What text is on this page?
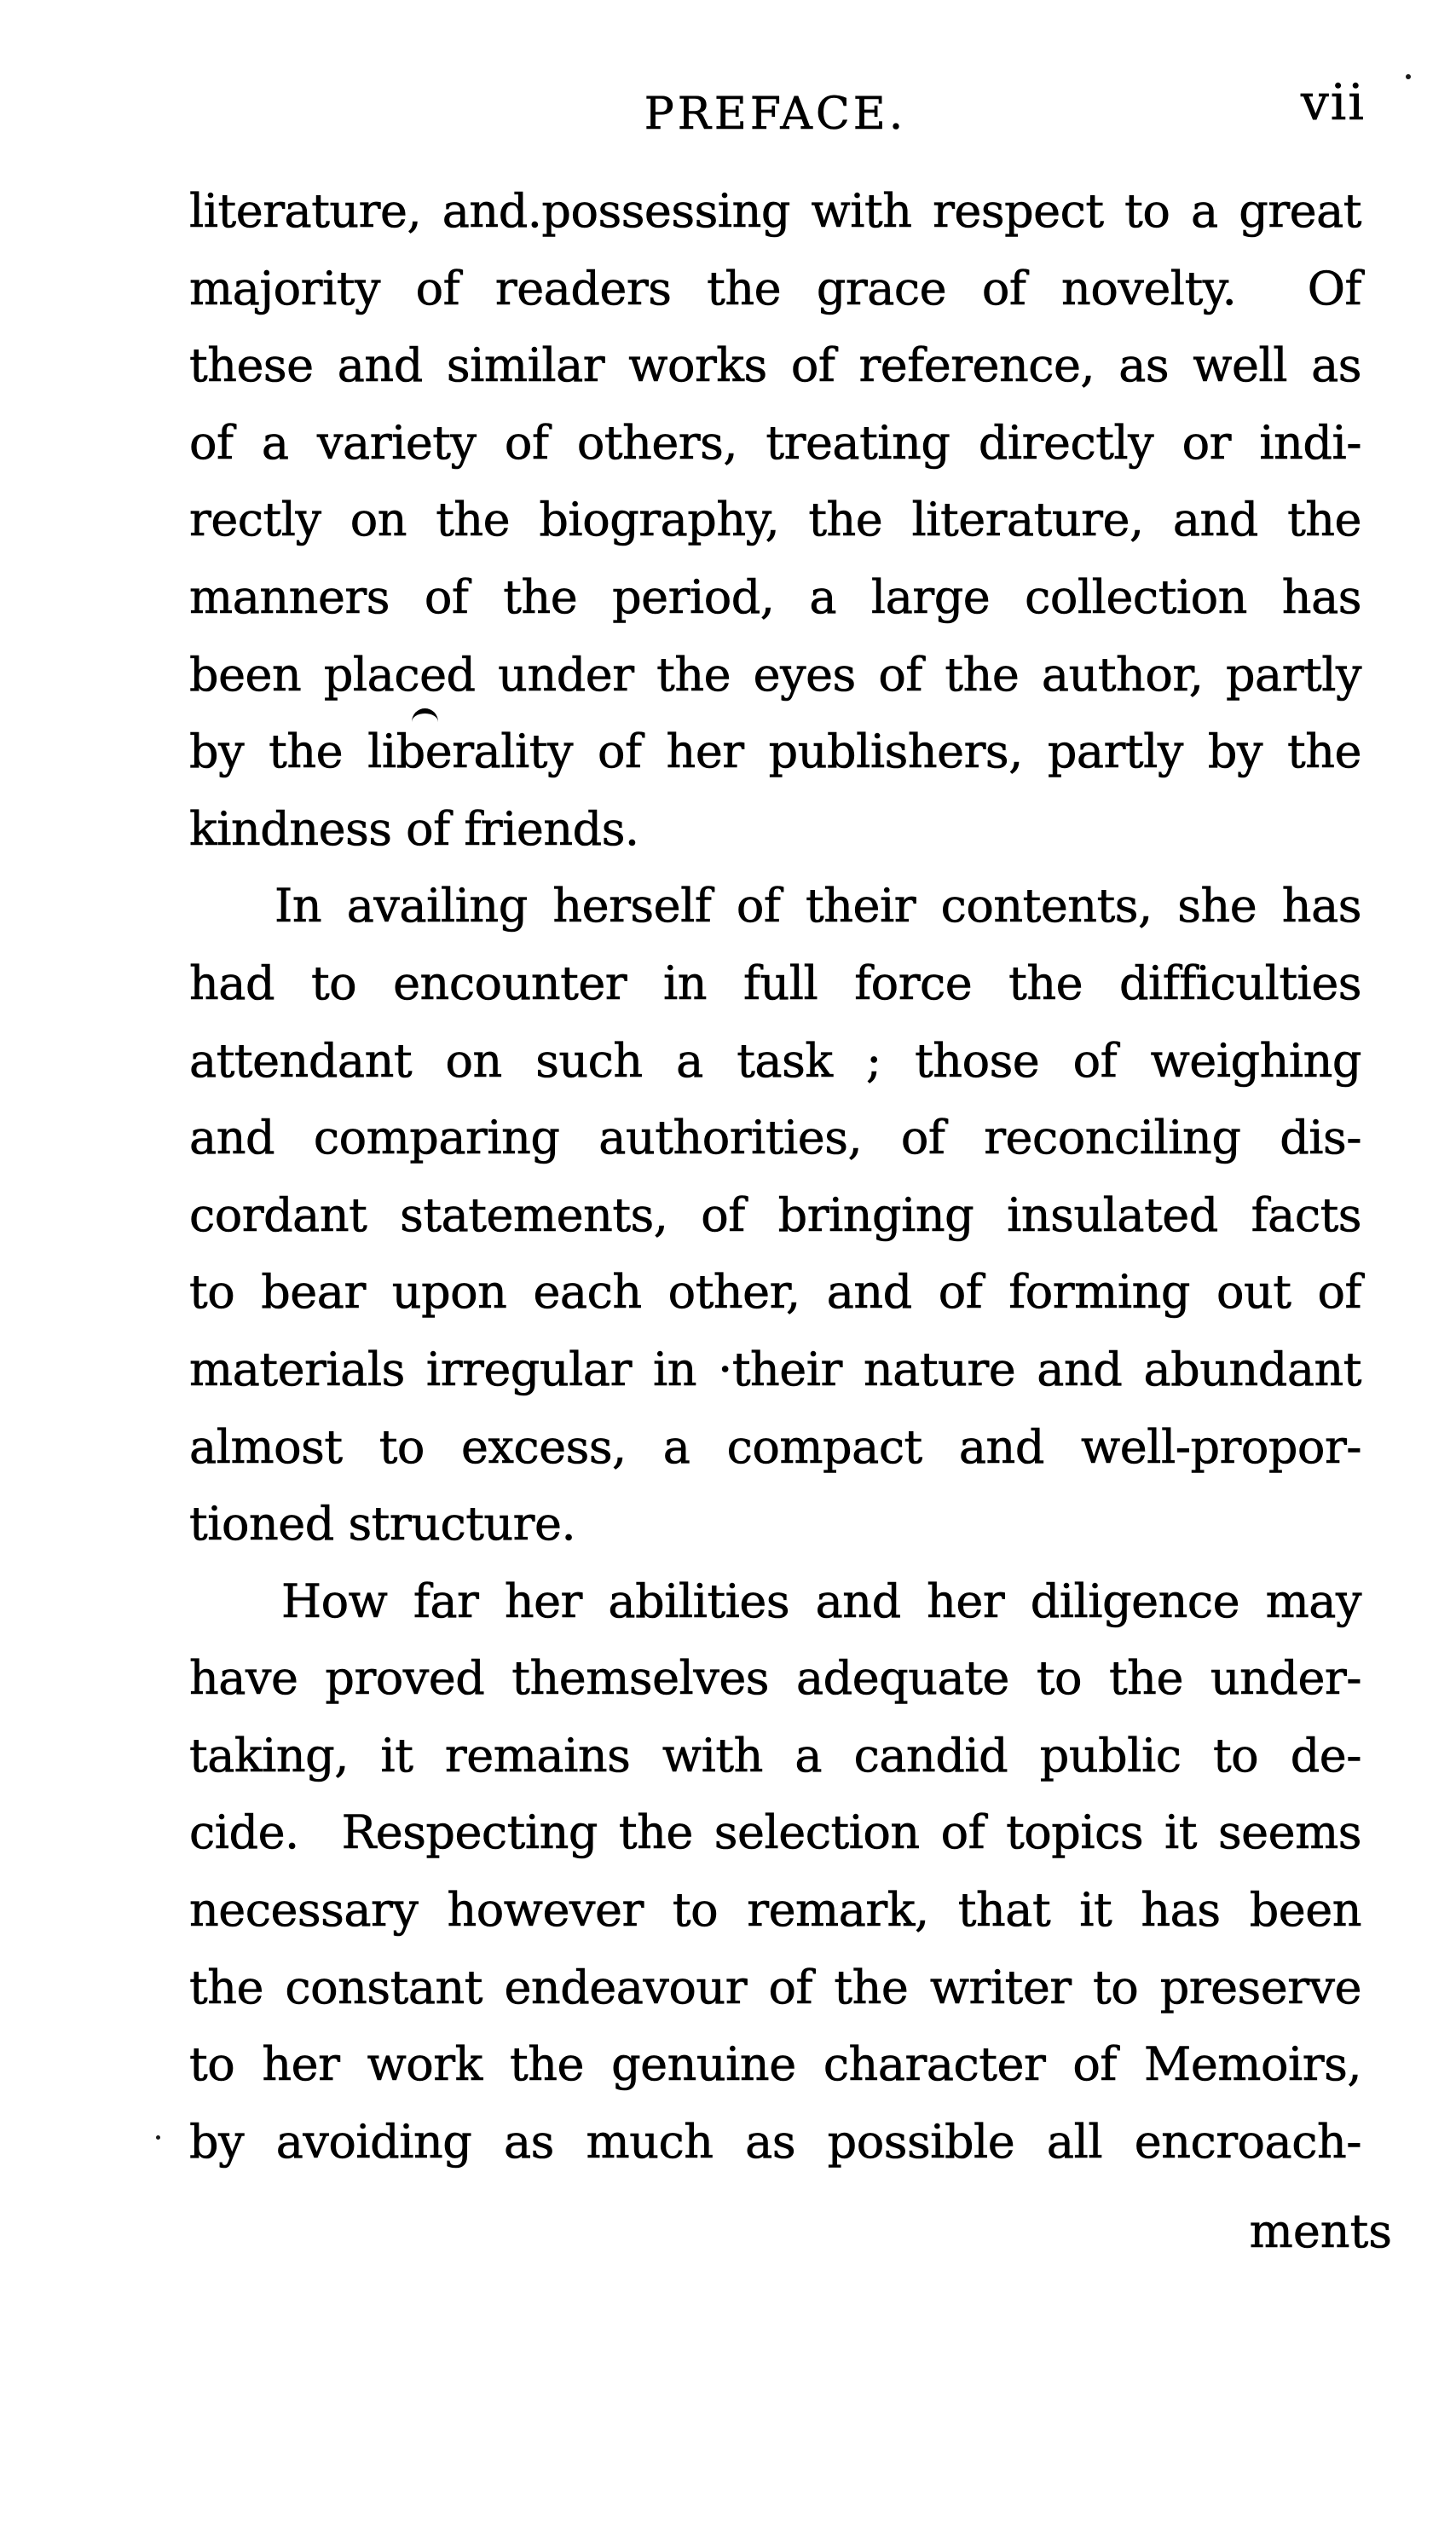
PREFACE.	vii
literature, and.possessing with respect to a great
majority of readers the grace of novelty.  Of
these and similar works of reference, as well as
of a variety of others, treating directly or indi-
rectly on the biography, the literature, and the
manners of the period, a large collection has
been placed under the eyes of the author, partly
by the liberality of her publishers, partly by the
kindness of friends.
In availing herself of their contents, she has
had to encounter in full force the difficulties
attendant on such a task ; those of weighing
and comparing authorities, of reconciling dis-
cordant statements, of bringing insulated facts
to bear upon each other, and of forming out of
materials irregular in ·their nature and abundant
almost to excess, a compact and well-propor-
tioned structure.
How far her abilities and her diligence may
have proved themselves adequate to the under-
taking, it remains with a candid public to de-
cide.  Respecting the selection of topics it seems
necessary however to remark, that it has been
the constant endeavour of the writer to preserve
to her work the genuine character of Memoirs,
by avoiding as much as possible all encroach-
ments
